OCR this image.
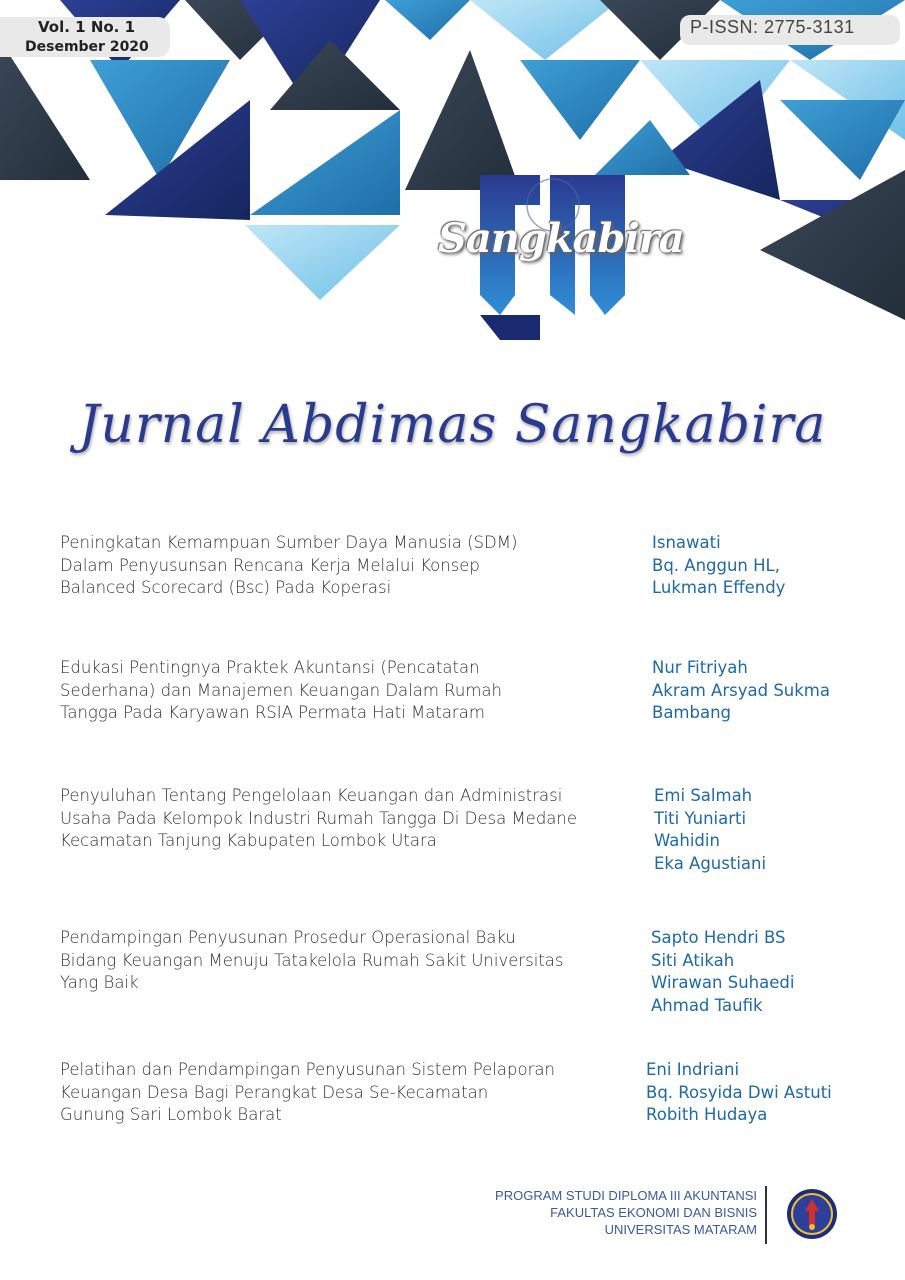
Vol. 1 No. 1
Desember 2020
P-ISSN: 2775-3131
Sangkabira
Jurnal Abdimas Sangkabira
Peningkatan Kemampuan Sumber Daya Manusia (SDM)
Dalam Penyusunsan Rencana Kerja Melalui Konsep
Balanced Scorecard (Bsc) Pada Koperasi
Isnawati
Bq. Anggun HL,
Lukman Effendy
Edukasi Pentingnya Praktek Akuntansi (Pencatatan
Sederhana) dan Manajemen Keuangan Dalam Rumah
Tangga Pada Karyawan RSIA Permata Hati Mataram
Nur Fitriyah
Akram Arsyad Sukma
Bambang
Penyuluhan Tentang Pengelolaan Keuangan dan Administrasi
Usaha Pada Kelompok Industri Rumah Tangga Di Desa Medane
Kecamatan Tanjung Kabupaten Lombok Utara
Emi Salmah
Titi Yuniarti
Wahidin
Eka Agustiani
Pendampingan Penyusunan Prosedur Operasional Baku
Bidang Keuangan Menuju Tatakelola Rumah Sakit Universitas
Yang Baik
Sapto Hendri BS
Siti Atikah
Wirawan Suhaedi
Ahmad Taufik
Pelatihan dan Pendampingan Penyusunan Sistem Pelaporan
Keuangan Desa Bagi Perangkat Desa Se-Kecamatan
Gunung Sari Lombok Barat
Eni Indriani
Bq. Rosyida Dwi Astuti
Robith Hudaya
PROGRAM STUDI DIPLOMA III AKUNTANSI
FAKULTAS EKONOMI DAN BISNIS
UNIVERSITAS MATARAM
